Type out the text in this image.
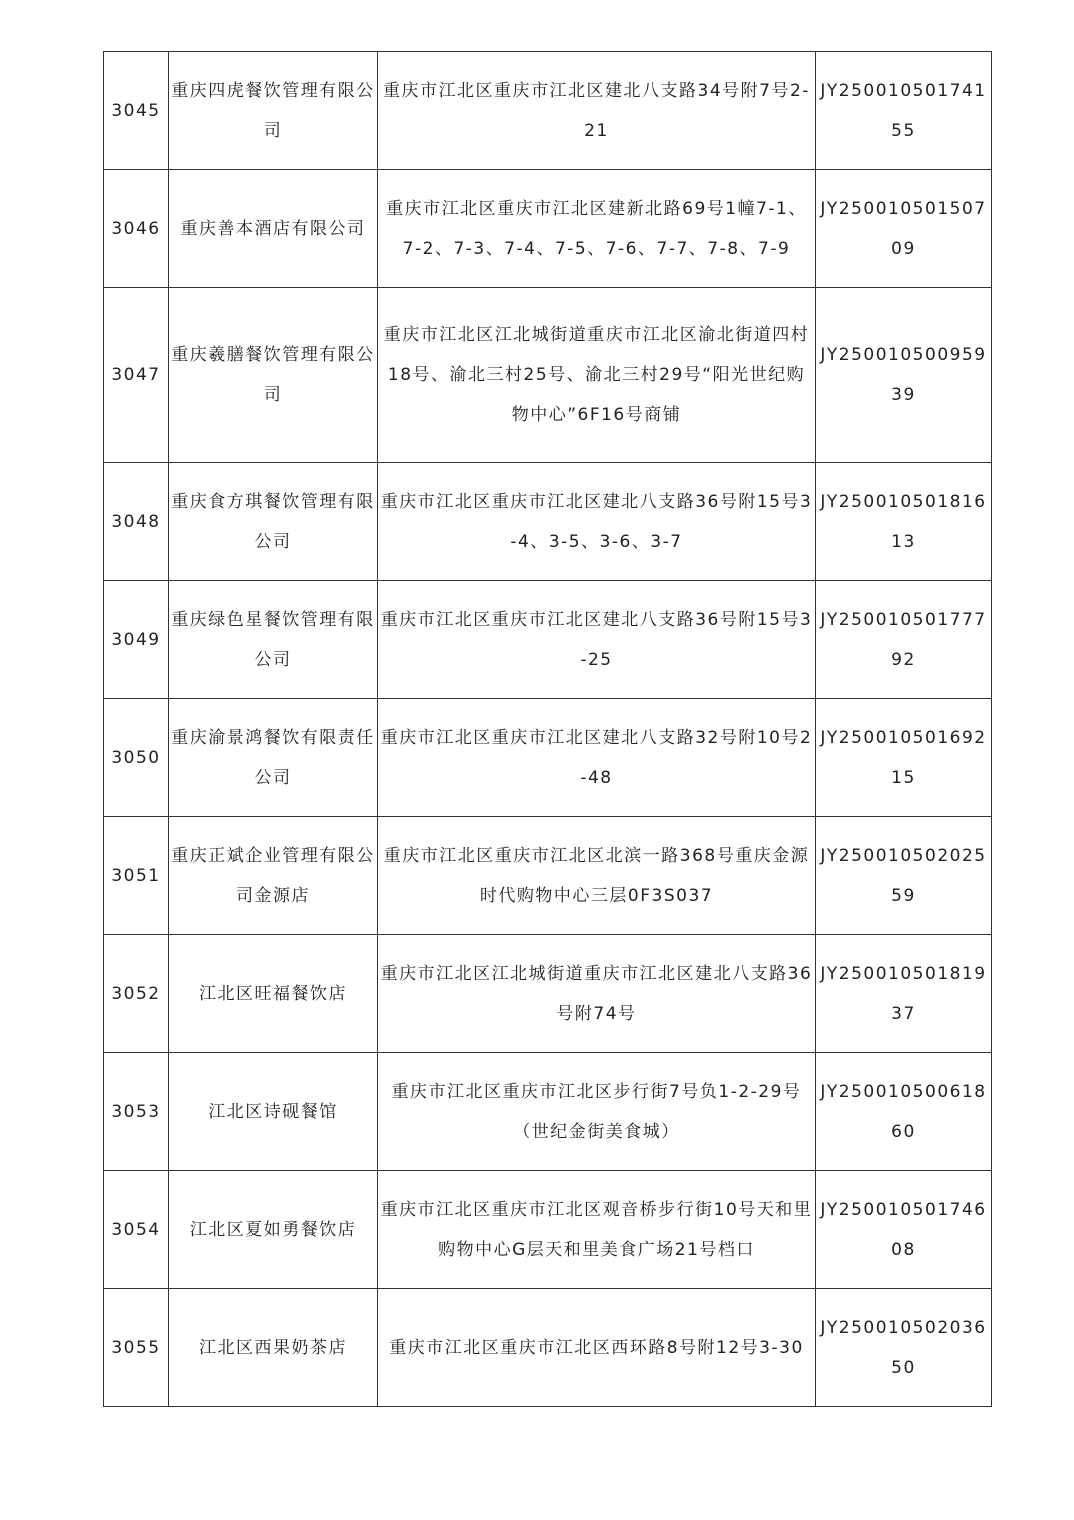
3045	重庆四虎餐饮管理有限公司	重庆市江北区重庆市江北区建北八支路34号附7号2-21	JY25001050174155
3046	重庆善本酒店有限公司	重庆市江北区重庆市江北区建新北路69号1幢7-1、7-2、7-3、7-4、7-5、7-6、7-7、7-8、7-9	JY25001050150709
3047	重庆羲膳餐饮管理有限公司	重庆市江北区江北城街道重庆市江北区渝北街道四村18号、渝北三村25号、渝北三村29号“阳光世纪购物中心”6F16号商铺	JY25001050095939
3048	重庆食方琪餐饮管理有限公司	重庆市江北区重庆市江北区建北八支路36号附15号3-4、3-5、3-6、3-7	JY25001050181613
3049	重庆绿色星餐饮管理有限公司	重庆市江北区重庆市江北区建北八支路36号附15号3-25	JY25001050177792
3050	重庆渝景鸿餐饮有限责任公司	重庆市江北区重庆市江北区建北八支路32号附10号2-48	JY25001050169215
3051	重庆正斌企业管理有限公司金源店	重庆市江北区重庆市江北区北滨一路368号重庆金源时代购物中心三层0F3S037	JY25001050202559
3052	江北区旺福餐饮店	重庆市江北区江北城街道重庆市江北区建北八支路36号附74号	JY25001050181937
3053	江北区诗砚餐馆	重庆市江北区重庆市江北区步行街7号负1-2-29号（世纪金街美食城）	JY25001050061860
3054	江北区夏如勇餐饮店	重庆市江北区重庆市江北区观音桥步行街10号天和里购物中心G层天和里美食广场21号档口	JY25001050174608
3055	江北区西果奶茶店	重庆市江北区重庆市江北区西环路8号附12号3-30	JY25001050203650
